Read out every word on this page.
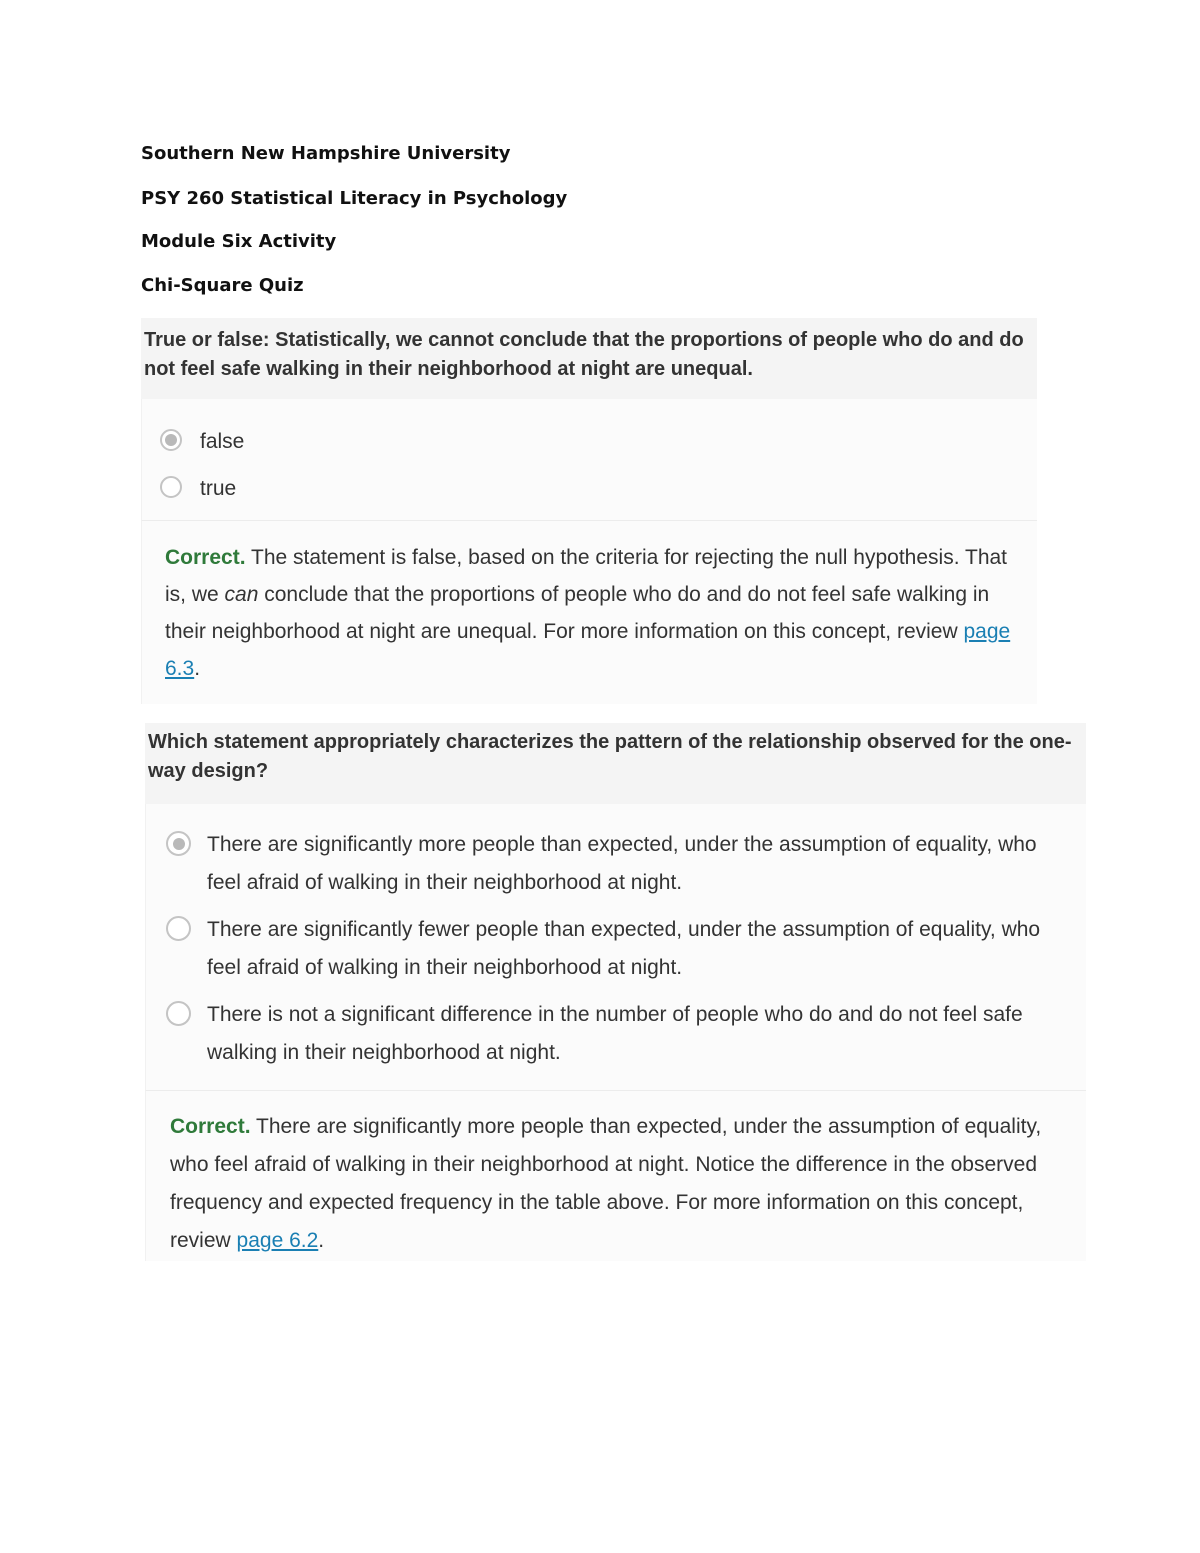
Southern New Hampshire University

PSY 260 Statistical Literacy in Psychology

Module Six Activity

Chi-Square Quiz

True or false: Statistically, we cannot conclude that the proportions of people who do and do not feel safe walking in their neighborhood at night are unequal.

false
true
Correct. The statement is false, based on the criteria for rejecting the null hypothesis. That is, we can conclude that the proportions of people who do and do not feel safe walking in their neighborhood at night are unequal. For more information on this concept, review page 6.3.

Which statement appropriately characterizes the pattern of the relationship observed for the one-way design?

There are significantly more people than expected, under the assumption of equality, who feel afraid of walking in their neighborhood at night.
There are significantly fewer people than expected, under the assumption of equality, who feel afraid of walking in their neighborhood at night.
There is not a significant difference in the number of people who do and do not feel safe walking in their neighborhood at night.
Correct. There are significantly more people than expected, under the assumption of equality, who feel afraid of walking in their neighborhood at night. Notice the difference in the observed frequency and expected frequency in the table above. For more information on this concept, review page 6.2.
